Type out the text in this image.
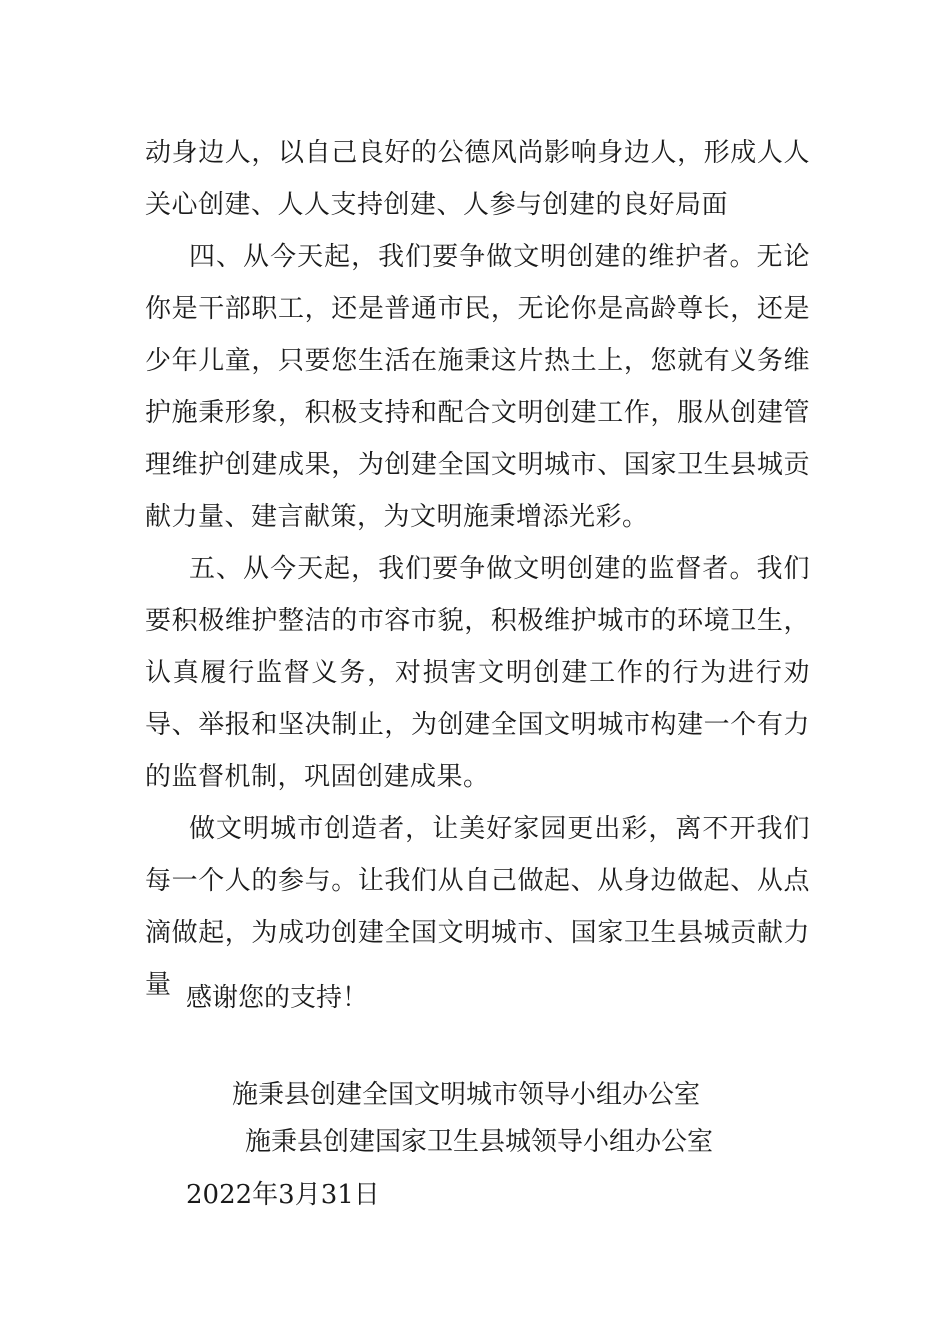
动身边人，以自己良好的公德风尚影响身边人，形成人人关心创建、人人支持创建、人参与创建的良好局面

四、从今天起，我们要争做文明创建的维护者。无论你是干部职工，还是普通市民，无论你是高龄尊长，还是少年儿童，只要您生活在施秉这片热土上，您就有义务维护施秉形象，积极支持和配合文明创建工作，服从创建管理维护创建成果，为创建全国文明城市、国家卫生县城贡献力量、建言献策，为文明施秉增添光彩。

五、从今天起，我们要争做文明创建的监督者。我们要积极维护整洁的市容市貌，积极维护城市的环境卫生，认真履行监督义务，对损害文明创建工作的行为进行劝导、举报和坚决制止，为创建全国文明城市构建一个有力的监督机制，巩固创建成果。

做文明城市创造者，让美好家园更出彩，离不开我们每一个人的参与。让我们从自己做起、从身边做起、从点滴做起，为成功创建全国文明城市、国家卫生县城贡献力量 感谢您的支持！
施秉县创建全国文明城市领导小组办公室
施秉县创建国家卫生县城领导小组办公室
2022年3月31日
